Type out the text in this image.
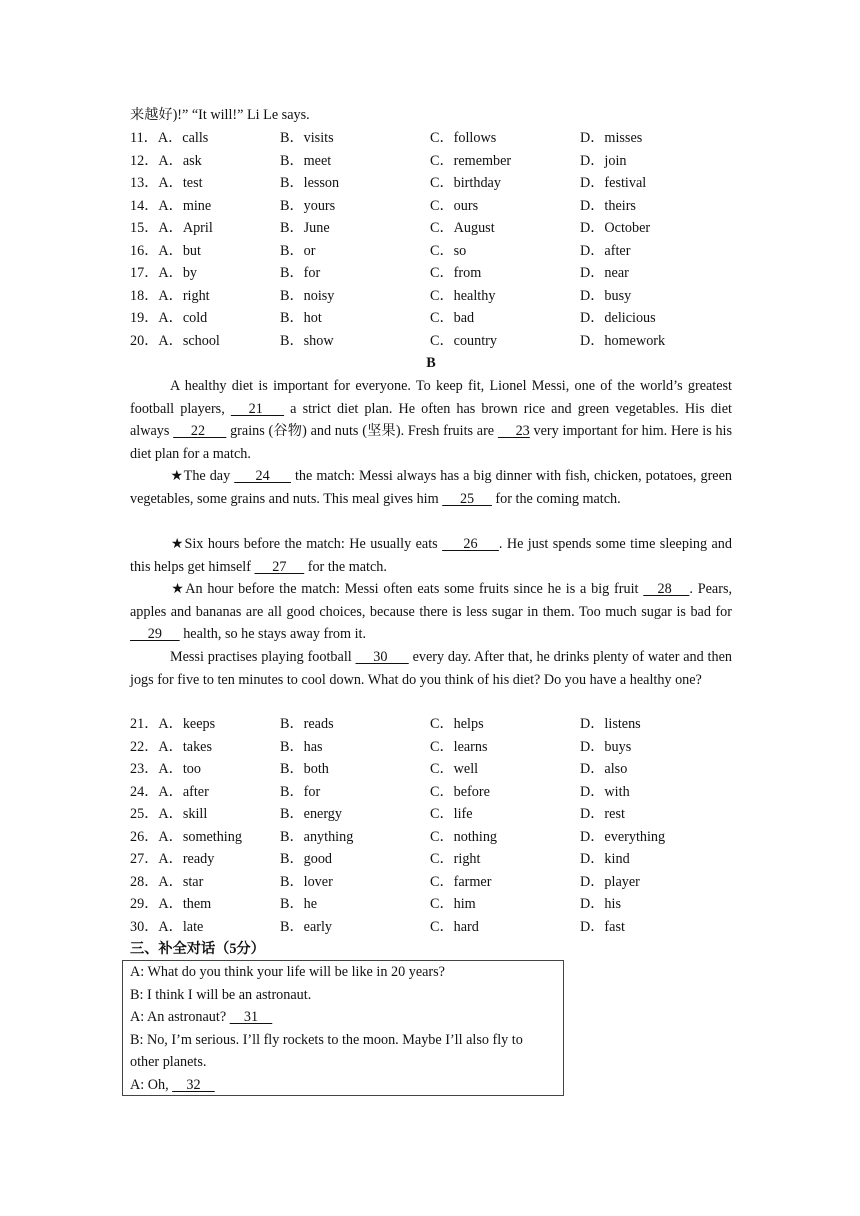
来越好)!” “It will!” Li Le says.
11．A．calls	B．visits	C．follows	D．misses
12．A．ask	B．meet	C．remember	D．join
13．A．test	B．lesson	C．birthday	D．festival
14．A．mine	B．yours	C．ours	D．theirs
15．A．April	B．June	C．August	D．October
16．A．but	B．or	C．so	D．after
17．A．by	B．for	C．from	D．near
18．A．right	B．noisy	C．healthy	D．busy
19．A．cold	B．hot	C．bad	D．delicious
20．A．school	B．show	C．country	D．homework
B
A healthy diet is important for everyone. To keep fit, Lionel Messi, one of the world’s greatest football players,      21       a strict diet plan. He often has brown rice and green vegetables. His diet always      22       grains (谷物) and nuts (坚果). Fresh fruits are      23 very important for him. Here is his diet plan for a match.
★The day       24       the match: Messi always has a big dinner with fish, chicken, potatoes, green vegetables, some grains and nuts. This meal gives him      25      for the coming match.
★Six hours before the match: He usually eats       26      . He just spends some time sleeping and this helps get himself      27      for the match.
★An hour before the match: Messi often eats some fruits since he is a big fruit     28     . Pears, apples and bananas are all good choices, because there is less sugar in them. Too much sugar is bad for      29      health, so he stays away from it.
Messi practises playing football      30       every day. After that, he drinks plenty of water and then jogs for five to ten minutes to cool down. What do you think of his diet? Do you have a healthy one?
21．A．keeps	B．reads	C．helps	D．listens
22．A．takes	B．has	C．learns	D．buys
23．A．too	B．both	C．well	D．also
24．A．after	B．for	C．before	D．with
25．A．skill	B．energy	C．life	D．rest
26．A．something	B．anything	C．nothing	D．everything
27．A．ready	B．good	C．right	D．kind
28．A．star	B．lover	C．farmer	D．player
29．A．them	B．he	C．him	D．his
30．A．late	B．early	C．hard	D．fast
三、补全对话（5分）
A: What do you think your life will be like in 20 years?
B: I think I will be an astronaut.
A: An astronaut?     31
B: No, I’m serious. I’ll fly rockets to the moon. Maybe I’ll also fly to
other planets.
A: Oh,     32
